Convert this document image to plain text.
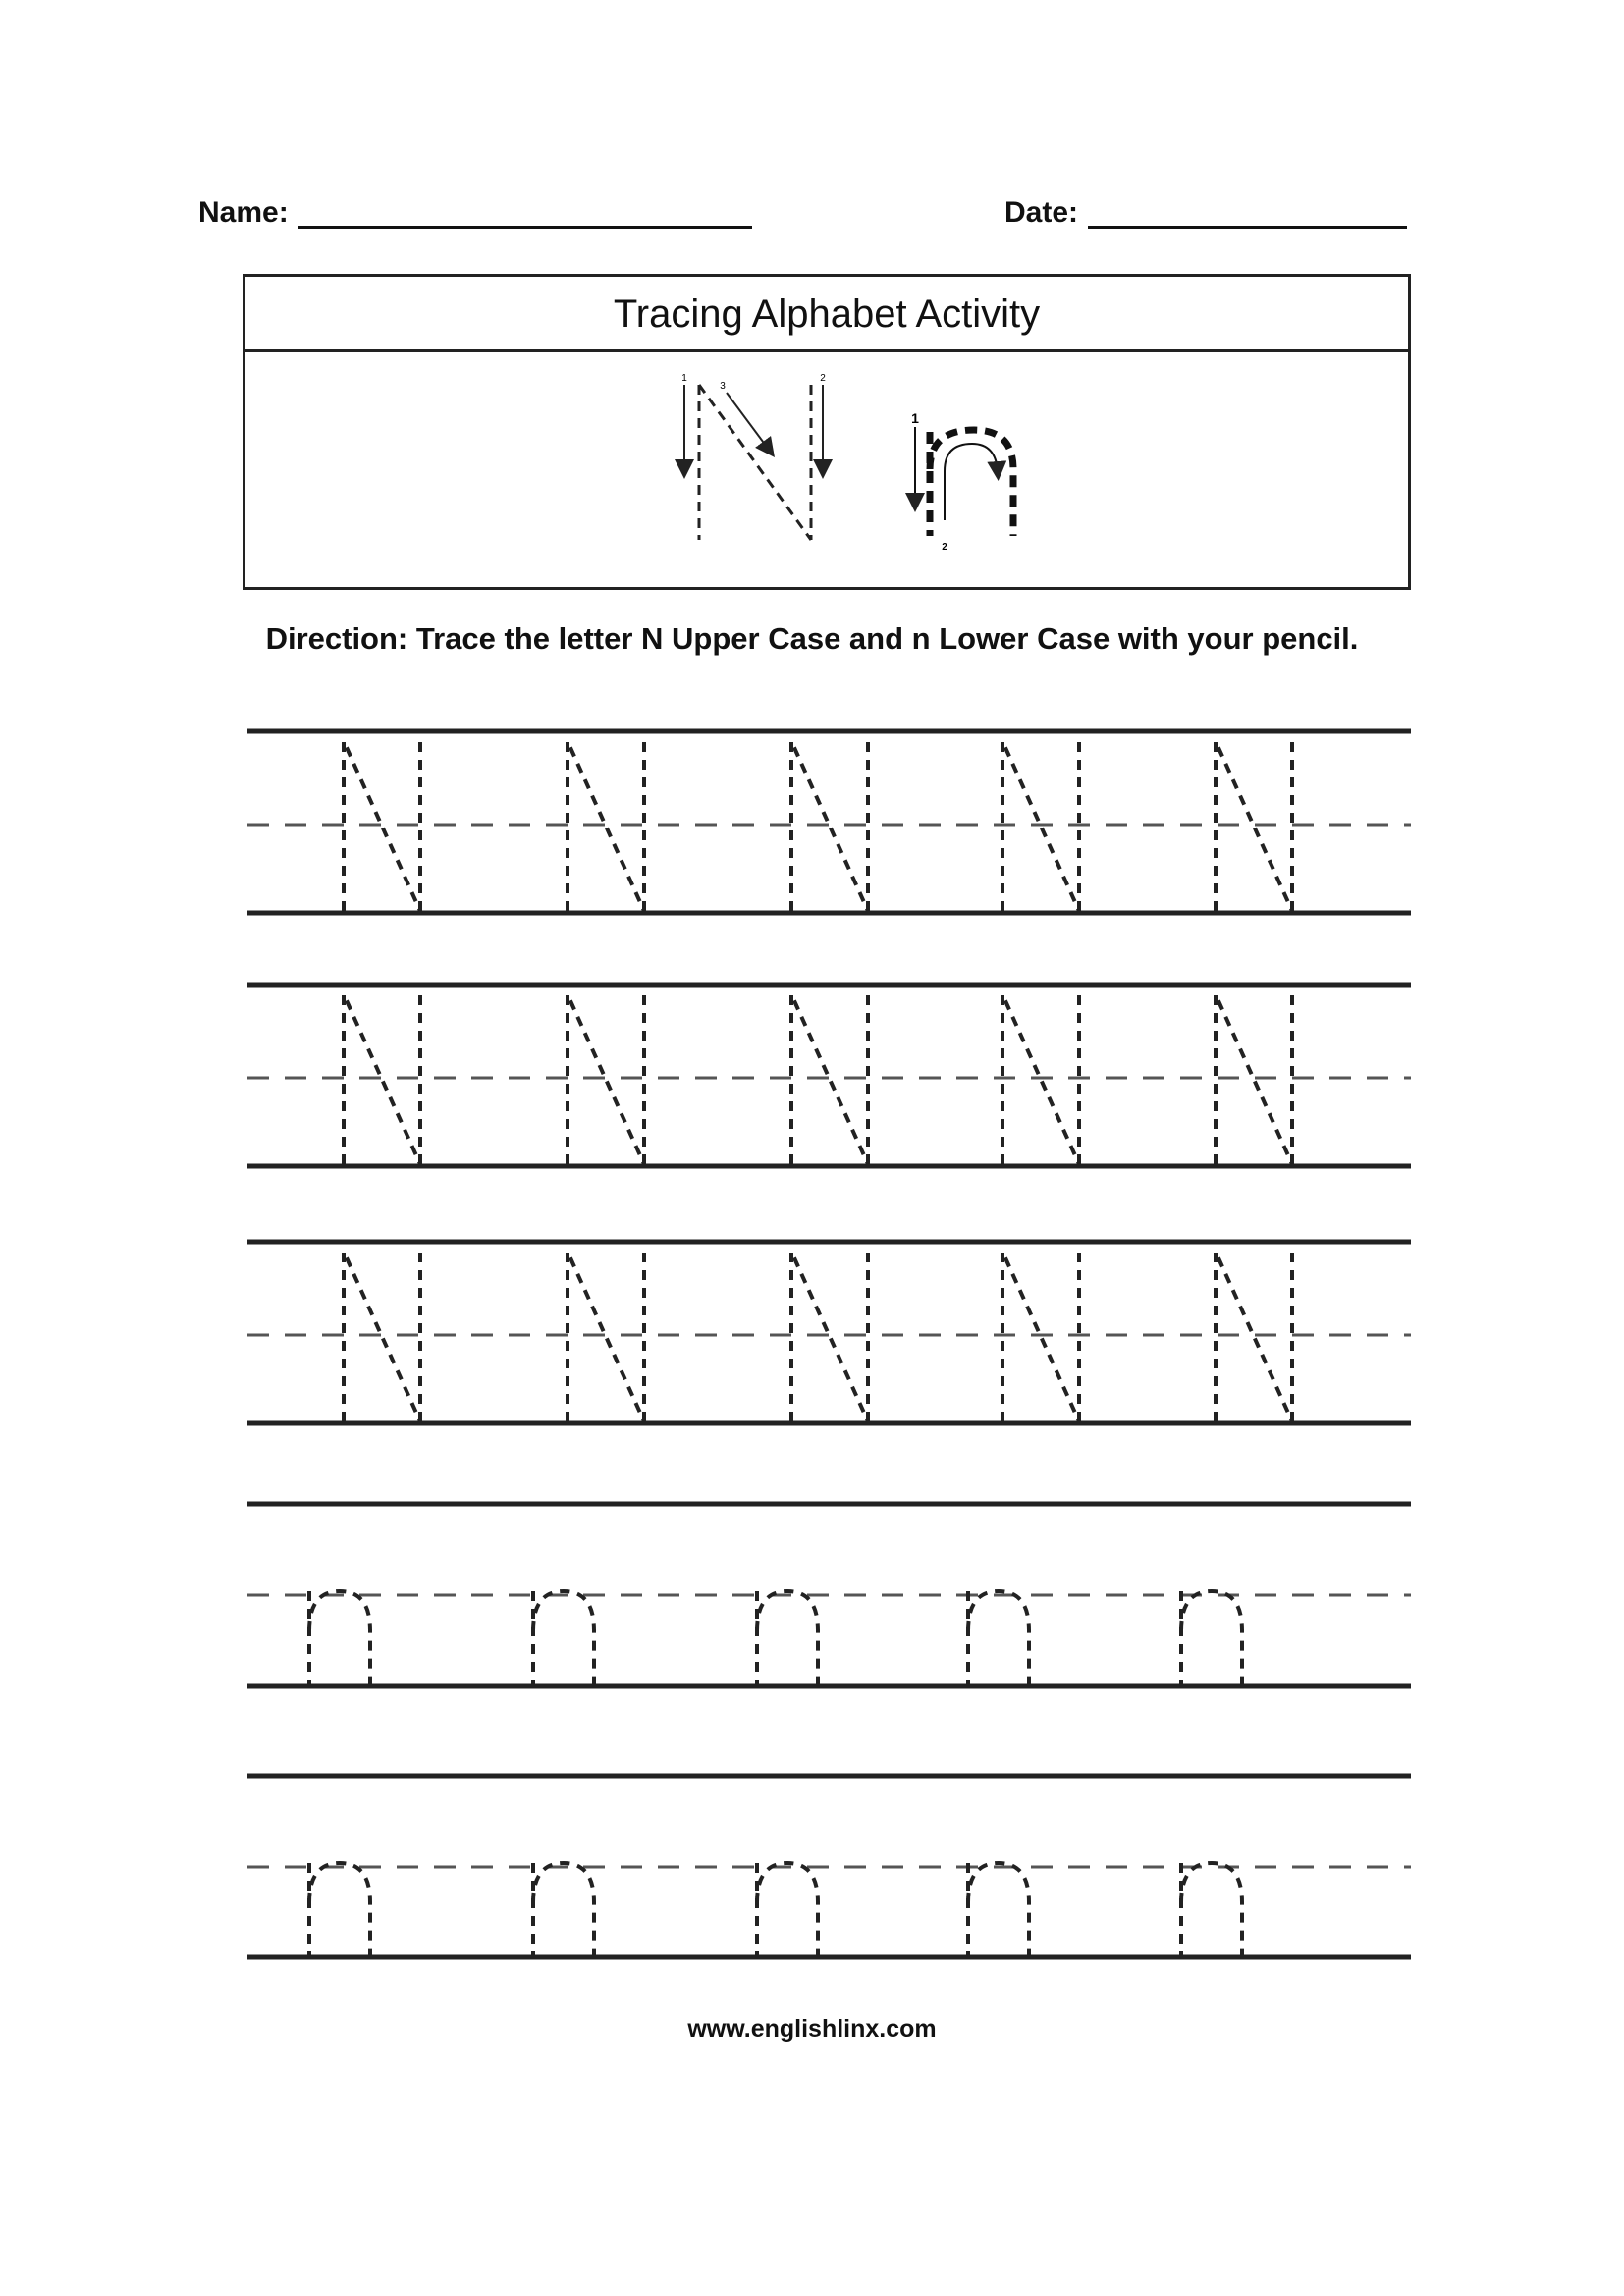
Name:	Date:
Tracing Alphabet Activity
Direction: Trace the letter N Upper Case and n Lower Case with your pencil.
1
3
2
1
2
www.englishlinx.com
